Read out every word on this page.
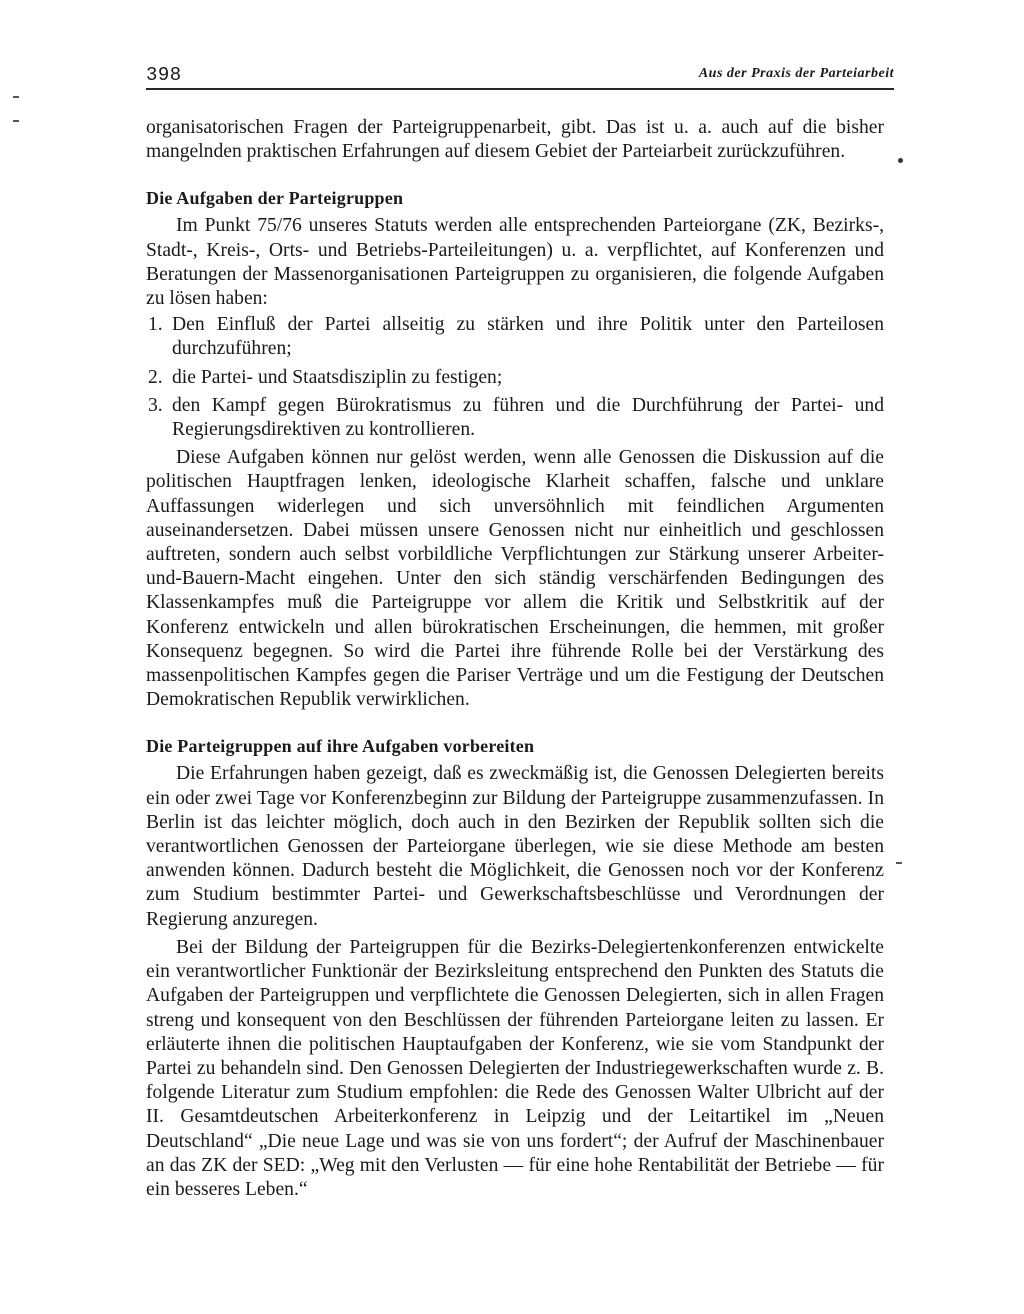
398	Aus der Praxis der Parteiarbeit

organisatorischen Fragen der Parteigruppenarbeit, gibt. Das ist u. a. auch auf die bisher mangelnden praktischen Erfahrungen auf diesem Gebiet der Parteiarbeit zurückzuführen.

Die Aufgaben der Parteigruppen

Im Punkt 75/76 unseres Statuts werden alle entsprechenden Parteiorgane (ZK, Bezirks-, Stadt-, Kreis-, Orts- und Betriebs-Parteileitungen) u. a. verpflichtet, auf Konferenzen und Beratungen der Massenorganisationen Parteigruppen zu organisieren, die folgende Aufgaben zu lösen haben:

1. Den Einfluß der Partei allseitig zu stärken und ihre Politik unter den Parteilosen durchzuführen;
2. die Partei- und Staatsdisziplin zu festigen;
3. den Kampf gegen Bürokratismus zu führen und die Durchführung der Partei- und Regierungsdirektiven zu kontrollieren.

Diese Aufgaben können nur gelöst werden, wenn alle Genossen die Diskussion auf die politischen Hauptfragen lenken, ideologische Klarheit schaffen, falsche und unklare Auffassungen widerlegen und sich unversöhnlich mit feindlichen Argumenten auseinandersetzen. Dabei müssen unsere Genossen nicht nur einheitlich und geschlossen auftreten, sondern auch selbst vorbildliche Verpflichtungen zur Stärkung unserer Arbeiter-und-Bauern-Macht eingehen. Unter den sich ständig verschärfenden Bedingungen des Klassenkampfes muß die Parteigruppe vor allem die Kritik und Selbstkritik auf der Konferenz entwickeln und allen bürokratischen Erscheinungen, die hemmen, mit großer Konsequenz begegnen. So wird die Partei ihre führende Rolle bei der Verstärkung des massenpolitischen Kampfes gegen die Pariser Verträge und um die Festigung der Deutschen Demokratischen Republik verwirklichen.

Die Parteigruppen auf ihre Aufgaben vorbereiten

Die Erfahrungen haben gezeigt, daß es zweckmäßig ist, die Genossen Delegierten bereits ein oder zwei Tage vor Konferenzbeginn zur Bildung der Parteigruppe zusammenzufassen. In Berlin ist das leichter möglich, doch auch in den Bezirken der Republik sollten sich die verantwortlichen Genossen der Parteiorgane überlegen, wie sie diese Methode am besten anwenden können. Dadurch besteht die Möglichkeit, die Genossen noch vor der Konferenz zum Studium bestimmter Partei- und Gewerkschaftsbeschlüsse und Verordnungen der Regierung anzuregen.

Bei der Bildung der Parteigruppen für die Bezirks-Delegiertenkonferenzen entwickelte ein verantwortlicher Funktionär der Bezirksleitung entsprechend den Punkten des Statuts die Aufgaben der Parteigruppen und verpflichtete die Genossen Delegierten, sich in allen Fragen streng und konsequent von den Beschlüssen der führenden Parteiorgane leiten zu lassen. Er erläuterte ihnen die politischen Hauptaufgaben der Konferenz, wie sie vom Standpunkt der Partei zu behandeln sind. Den Genossen Delegierten der Industriegewerkschaften wurde z. B. folgende Literatur zum Studium empfohlen: die Rede des Genossen Walter Ulbricht auf der II. Gesamtdeutschen Arbeiterkonferenz in Leipzig und der Leitartikel im „Neuen Deutschland“ „Die neue Lage und was sie von uns fordert“; der Aufruf der Maschinenbauer an das ZK der SED: „Weg mit den Verlusten — für eine hohe Rentabilität der Betriebe — für ein besseres Leben.“
